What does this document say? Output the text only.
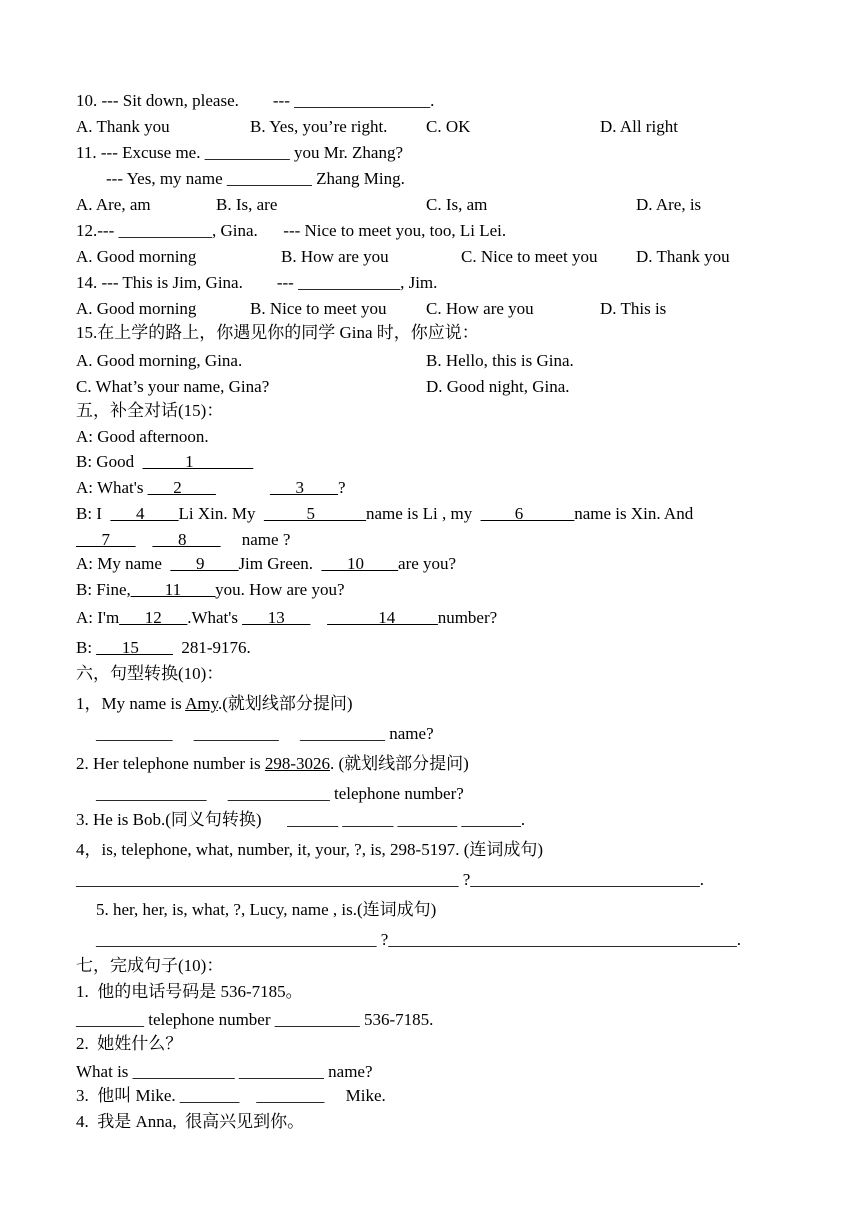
10. --- Sit down, please.        --- ________________.
A. Thank you	B. Yes, you’re right. C. OK	D. All right
11. --- Excuse me. __________ you Mr. Zhang?
--- Yes, my name __________ Zhang Ming.
A. Are, am	B. Is, are	C. Is, am	D. Are, is
12.--- ___________, Gina.      --- Nice to meet you, too, Li Lei.
A. Good morning	B. How are you	C. Nice to meet you D. Thank you
14. --- This is Jim, Gina.        --- ____________, Jim.
A. Good morning	B. Nice to meet you C. How are you	D. This is
15.在上学的路上，你遇见你的同学 Gina 时，你应说：
A. Good morning, Gina.	B. Hello, this is Gina.
C. What’s your name, Gina?	D. Good night, Gina.
五，补全对话(15)：
A: Good afternoon.
B: Good  _____1_______
A: What's ___2____	___3____?
B: I  ___4____Li Xin. My  _____5______name is Li , my  ____6______name is Xin. And
___7___ ___8____ name ?
A: My name  ___9____Jim Green.  ___10____are you?
B: Fine,____11____you. How are you?
A: I'm___12___.What's ___13___ ______14_____number?
B: ___15____  281-9176.
六，句型转换(10)：
1，My name is Amy.(就划线部分提问)
_________     __________     __________ name?
2. Her telephone number is 298-3026. (就划线部分提问)
_____________     ____________ telephone number?
3. He is Bob.(同义句转换)      ______ ______ _______ _______.
4，is, telephone, what, number, it, your, ?, is, 298-5197. (连词成句)
_____________________________________________ ?___________________________.
5. her, her, is, what, ?, Lucy, name , is.(连词成句)
_________________________________ ?_________________________________________.
七，完成句子(10)：
1.  他的电话号码是 536-7185。
________ telephone number __________ 536-7185.
2.  她姓什么？
What is ____________ __________ name?
3.  他叫 Mike. _______    ________     Mike.
4.  我是 Anna,  很高兴见到你。
